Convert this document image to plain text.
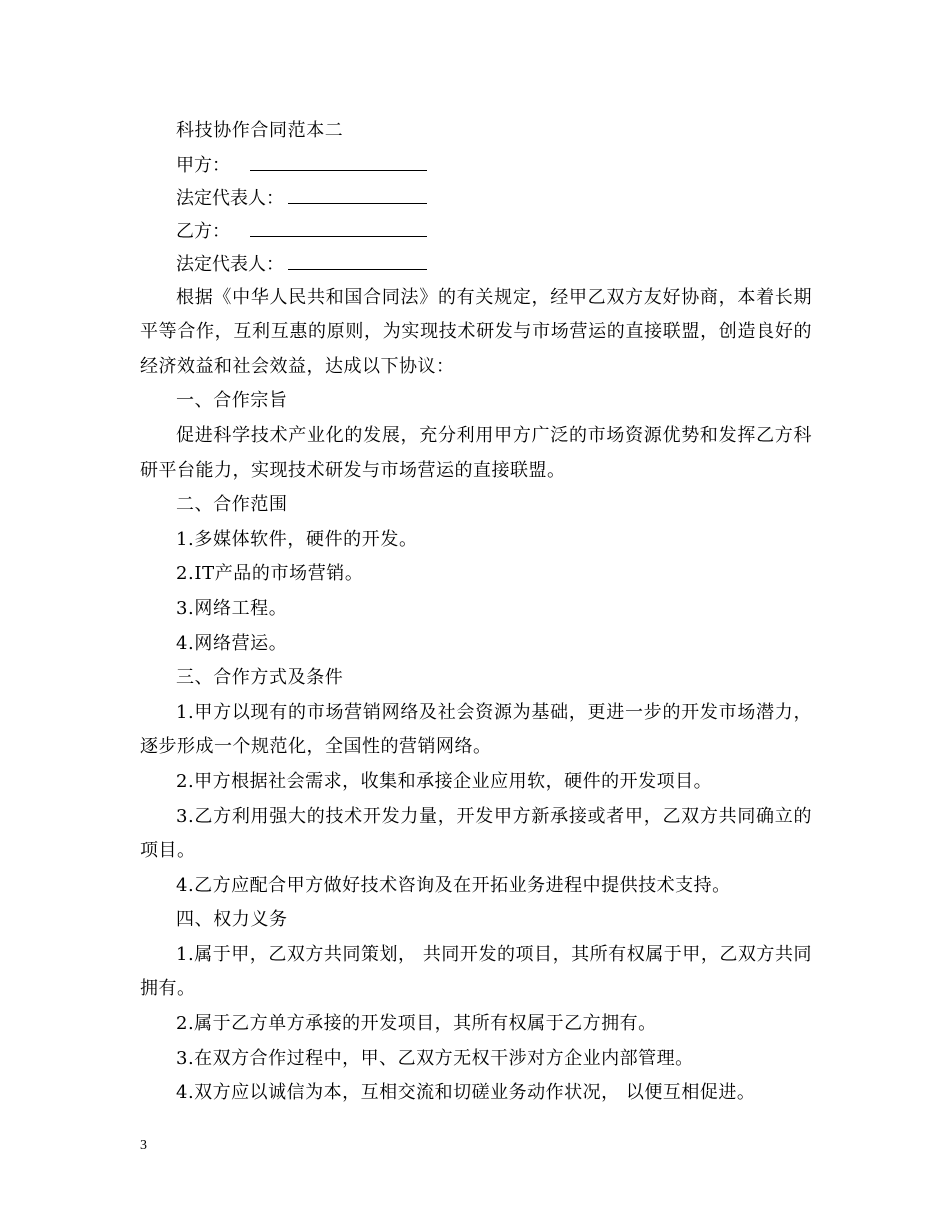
科技协作合同范本二
甲方：
法定代表人：
乙方：
法定代表人：
根据《中华人民共和国合同法》的有关规定，经甲乙双方友好协商，本着长期平等合作，互利互惠的原则，为实现技术研发与市场营运的直接联盟，创造良好的经济效益和社会效益，达成以下协议：
一、合作宗旨
促进科学技术产业化的发展，充分利用甲方广泛的市场资源优势和发挥乙方科研平台能力，实现技术研发与市场营运的直接联盟。
二、合作范围
1.多媒体软件，硬件的开发。
2.IT产品的市场营销。
3.网络工程。
4.网络营运。
三、合作方式及条件
1.甲方以现有的市场营销网络及社会资源为基础，更进一步的开发市场潜力，逐步形成一个规范化，全国性的营销网络。
2.甲方根据社会需求，收集和承接企业应用软，硬件的开发项目。
3.乙方利用强大的技术开发力量，开发甲方新承接或者甲，乙双方共同确立的项目。
4.乙方应配合甲方做好技术咨询及在开拓业务进程中提供技术支持。
四、权力义务
1.属于甲，乙双方共同策划， 共同开发的项目，其所有权属于甲，乙双方共同拥有。
2.属于乙方单方承接的开发项目，其所有权属于乙方拥有。
3.在双方合作过程中，甲、乙双方无权干涉对方企业内部管理。
4.双方应以诚信为本，互相交流和切磋业务动作状况， 以便互相促进。
3
